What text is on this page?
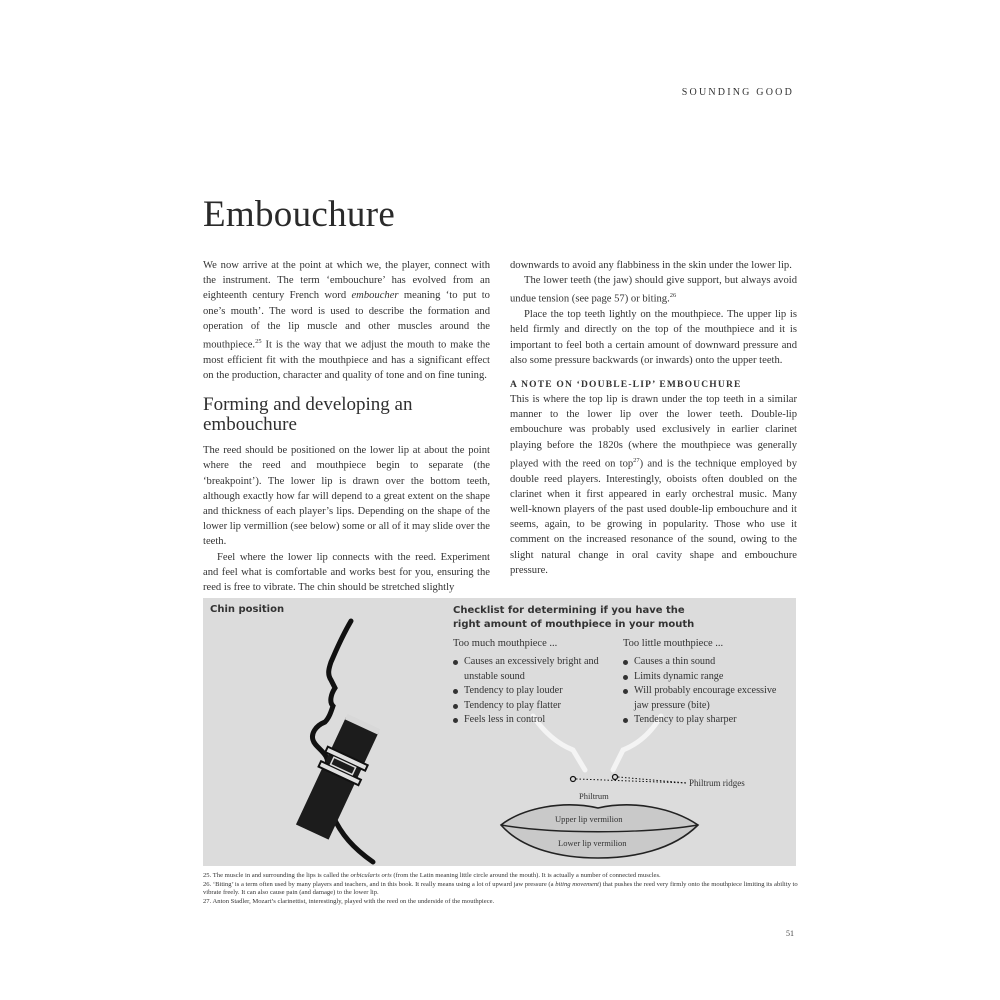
SOUNDING GOOD
Embouchure

We now arrive at the point at which we, the player, connect with the instrument. The term ‘embouchure’ has evolved from an eighteenth century French word emboucher meaning ‘to put to one’s mouth’. The word is used to describe the formation and operation of the lip muscle and other muscles around the mouthpiece.$^{25}$ It is the way that we adjust the mouth to make the most efficient fit with the mouthpiece and has a significant effect on the production, character and quality of tone and on fine tuning.

Forming and developing an embouchure

The reed should be positioned on the lower lip at about the point where the reed and mouthpiece begin to separate (the ‘breakpoint’). The lower lip is drawn over the bottom teeth, although exactly how far will depend to a great extent on the shape and thickness of each player’s lips. Depending on the shape of the lower lip vermillion (see below) some or all of it may slide over the teeth.

Feel where the lower lip connects with the reed. Experiment and feel what is comfortable and works best for you, ensuring the reed is free to vibrate. The chin should be stretched slightly

downwards to avoid any flabbiness in the skin under the lower lip.

The lower teeth (the jaw) should give support, but always avoid undue tension (see page 57) or biting.$^{26}$

Place the top teeth lightly on the mouthpiece. The upper lip is held firmly and directly on the top of the mouthpiece and it is important to feel both a certain amount of downward pressure and also some pressure backwards (or inwards) onto the upper teeth.

A NOTE ON ‘DOUBLE-LIP’ EMBOUCHURE

This is where the top lip is drawn under the top teeth in a similar manner to the lower lip over the lower teeth. Double-lip embouchure was probably used exclusively in earlier clarinet playing before the 1820s (where the mouthpiece was generally played with the reed on top$^{27}$) and is the technique employed by double reed players. Interestingly, oboists often doubled on the clarinet when it first appeared in early orchestral music. Many well-known players of the past used double-lip embouchure and it seems, again, to be growing in popularity. Those who use it comment on the increased resonance of the sound, owing to the slight natural change in oral cavity shape and embouchure pressure.

Chin position	Checklist for determining if you have the right amount of mouthpiece in your mouth
Too much mouthpiece ...
Causes an excessively bright and unstable sound
Tendency to play louder
Tendency to play flatter
Feels less in control
Too little mouthpiece ...
Causes a thin sound
Limits dynamic range
Will probably encourage excessive jaw pressure (bite)
Tendency to play sharper
Philtrum ridges
Philtrum
Upper lip vermilion
Lower lip vermilion
25. The muscle in and surrounding the lips is called the orbicularis oris (from the Latin meaning little circle around the mouth). It is actually a number of connected muscles.
26. ‘Biting’ is a term often used by many players and teachers, and in this book. It really means using a lot of upward jaw pressure (a biting movement) that pushes the reed very firmly onto the mouthpiece limiting its ability to vibrate freely. It can also cause pain (and damage) to the lower lip.
27. Anton Stadler, Mozart’s clarinettist, interestingly, played with the reed on the underside of the mouthpiece.
51
